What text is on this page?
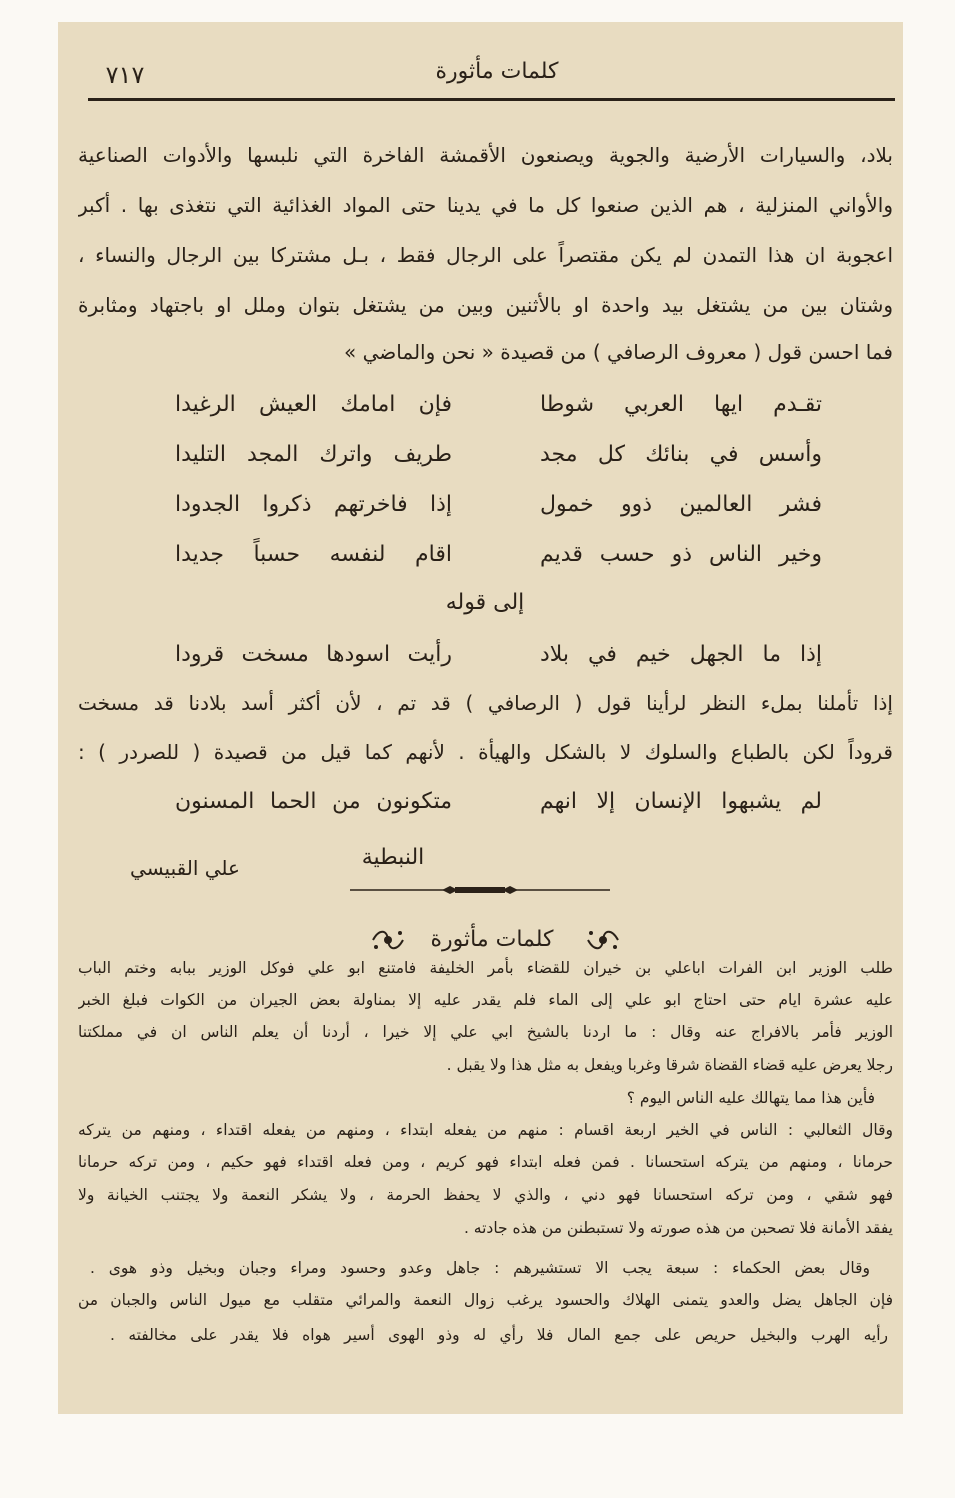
٧١٧	كلمات مأثورة
بلاد، والسيارات الأرضية والجوية ويصنعون الأقمشة الفاخرة التي نلبسها والأدوات الصناعية
والأواني المنزلية ، هم الذين صنعوا كل ما في يدينا حتى المواد الغذائية التي نتغذى بها . أكبر
اعجوبة ان هذا التمدن لم يكن مقتصراً على الرجال فقط ، بـل مشتركا بين الرجال والنساء ،
وشتان بين من يشتغل بيد واحدة او بالأثنين وبين من يشتغل بتوان وملل او باجتهاد ومثابرة
فما احسن قول ( معروف الرصافي ) من قصيدة « نحن والماضي »
تقـدم ايها العربي شوطا
فإن امامك العيش الرغيدا
وأسس في بنائك كل مجد
طريف واترك المجد التليدا
فشر العالمين ذوو خمول
إذا فاخرتهم ذكروا الجدودا
وخير الناس ذو حسب قديم
اقام لنفسه حسباً جديدا
إلى قوله
إذا ما الجهل خيم في بلاد
رأيت اسودها مسخت قرودا
إذا تأملنا بملء النظر لرأينا قول ( الرصافي ) قد تم ، لأن أكثر أسد بلادنا قد مسخت
قروداً لكن بالطباع والسلوك لا بالشكل والهيأة . لأنهم كما قيل من قصيدة ( للصردر ) :
لم يشبهوا الإنسان إلا انهم
متكونون من الحما المسنون
النبطية
علي القبيسي
كلمات مأثورة
طلب الوزير ابن الفرات اباعلي بن خيران للقضاء بأمر الخليفة فامتنع ابو علي فوكل الوزير ببابه وختم الباب
عليه عشرة ايام حتى احتاج ابو علي إلى الماء فلم يقدر عليه إلا بمناولة بعض الجيران من الكوات فبلغ الخبر
الوزير فأمر بالافراج عنه وقال : ما اردنا بالشيخ ابي علي إلا خيرا ، أردنا أن يعلم الناس ان في مملكتنا
رجلا يعرض عليه قضاء القضاة شرقا وغربا ويفعل به مثل هذا ولا يقبل .
فأين هذا مما يتهالك عليه الناس اليوم ؟
وقال الثعالبي : الناس في الخير اربعة اقسام : منهم من يفعله ابتداء ، ومنهم من يفعله اقتداء ، ومنهم من يتركه
حرمانا ، ومنهم من يتركه استحسانا . فمن فعله ابتداء فهو كريم ، ومن فعله اقتداء فهو حكيم ، ومن تركه حرمانا
فهو شقي ، ومن تركه استحسانا فهو دني ، والذي لا يحفظ الحرمة ، ولا يشكر النعمة ولا يجتنب الخيانة ولا
يفقد الأمانة فلا تصحبن من هذه صورته ولا تستبطنن من هذه جادته .
وقال بعض الحكماء : سبعة يجب الا تستشيرهم : جاهل وعدو وحسود ومراء وجبان وبخيل وذو هوى .
فإن الجاهل يضل والعدو يتمنى الهلاك والحسود يرغب زوال النعمة والمرائي متقلب مع ميول الناس والجبان من
رأيه الهرب والبخيل حريص على جمع المال فلا رأي له وذو الهوى أسير هواه فلا يقدر على مخالفته .
